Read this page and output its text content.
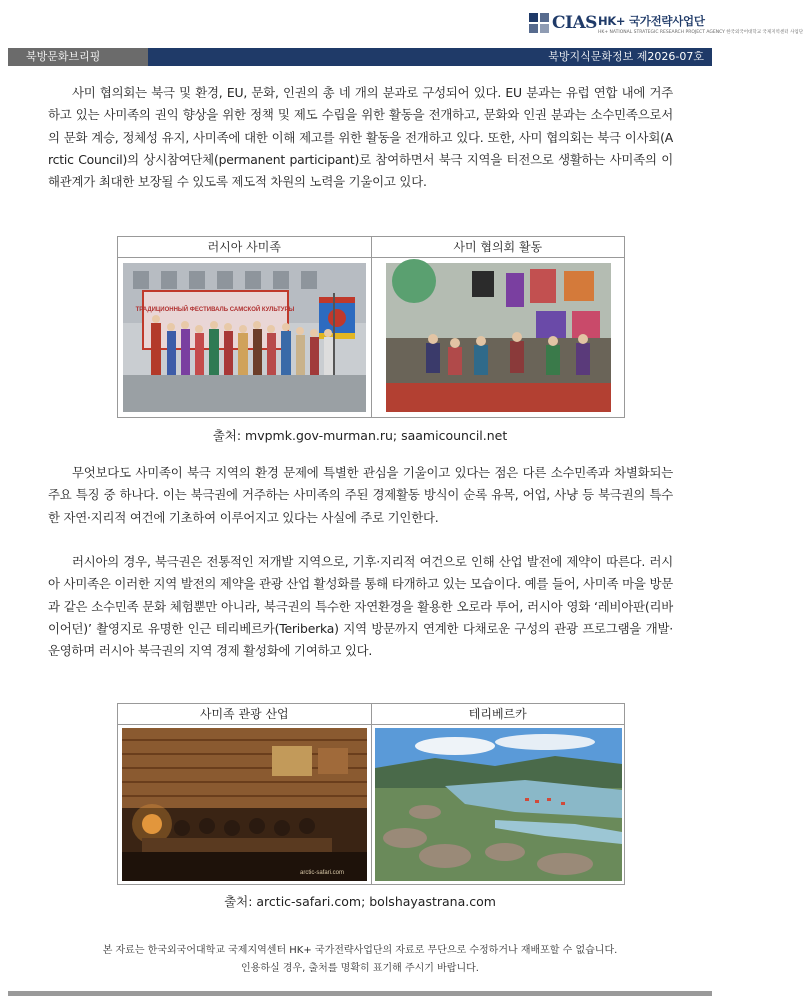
CIAS HK+ 국가전략사업단
HK+ NATIONAL STRATEGIC RESEARCH PROJECT AGENCY 한국외국어대학교 국제지역센터 사업단
북방문화브리핑	북방지식문화정보 제2026-07호

사미 협의회는 북극 및 환경, EU, 문화, 인권의 총 네 개의 분과로 구성되어 있다. EU 분과는 유럽 연합 내에 거주하고 있는 사미족의 권익 향상을 위한 정책 및 제도 수립을 위한 활동을 전개하고, 문화와 인권 분과는 소수민족으로서의 문화 계승, 정체성 유지, 사미족에 대한 이해 제고를 위한 활동을 전개하고 있다. 또한, 사미 협의회는 북극 이사회(Arctic Council)의 상시참여단체(permanent participant)로 참여하면서 북극 지역을 터전으로 생활하는 사미족의 이해관계가 최대한 보장될 수 있도록 제도적 차원의 노력을 기울이고 있다.

러시아 사미족	사미 협의회 활동
ТРАДИЦИОННЫЙ ФЕСТИВАЛЬ САМСКОЙ КУЛЬТУРЫ
출처: mvpmk.gov-murman.ru; saamicouncil.net

무엇보다도 사미족이 북극 지역의 환경 문제에 특별한 관심을 기울이고 있다는 점은 다른 소수민족과 차별화되는 주요 특징 중 하나다. 이는 북극권에 거주하는 사미족의 주된 경제활동 방식이 순록 유목, 어업, 사냥 등 북극권의 특수한 자연·지리적 여건에 기초하여 이루어지고 있다는 사실에 주로 기인한다.

러시아의 경우, 북극권은 전통적인 저개발 지역으로, 기후·지리적 여건으로 인해 산업 발전에 제약이 따른다. 러시아 사미족은 이러한 지역 발전의 제약을 관광 산업 활성화를 통해 타개하고 있는 모습이다. 예를 들어, 사미족 마을 방문과 같은 소수민족 문화 체험뿐만 아니라, 북극권의 특수한 자연환경을 활용한 오로라 투어, 러시아 영화 ‘레비아판(리바이어던)’ 촬영지로 유명한 인근 테리베르카(Teriberka) 지역 방문까지 연계한 다채로운 구성의 관광 프로그램을 개발·운영하며 러시아 북극권의 지역 경제 활성화에 기여하고 있다.

사미족 관광 산업	테리베르카
arctic-safari.com
출처: arctic-safari.com; bolshayastrana.com
본 자료는 한국외국어대학교 국제지역센터 HK+ 국가전략사업단의 자료로 무단으로 수정하거나 재배포할 수 없습니다.
인용하실 경우, 출처를 명확히 표기해 주시기 바랍니다.
